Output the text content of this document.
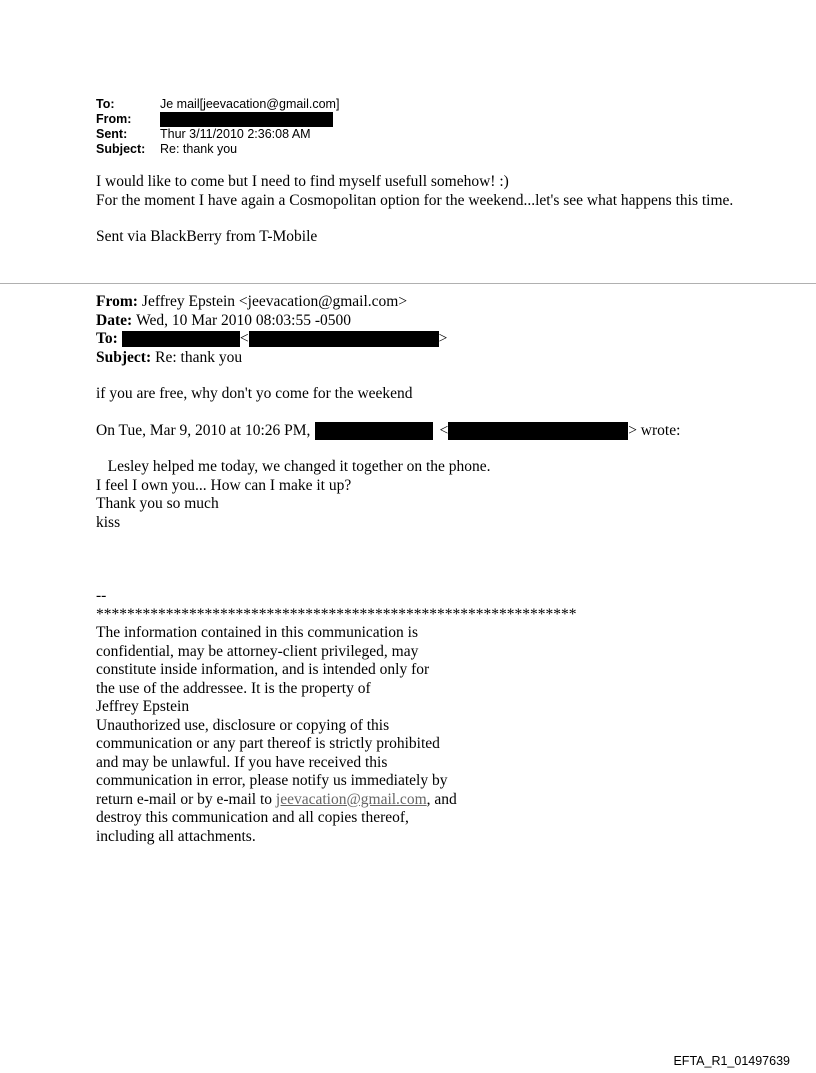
To:	Je mail[jeevacation@gmail.com]
From:
Sent:	Thur 3/11/2010 2:36:08 AM
Subject:	Re: thank you
I would like to come but I need to find myself usefull somehow! :)
For the moment I have again a Cosmopolitan option for the weekend...let's see what happens this time.
Sent via BlackBerry from T-Mobile
From: Jeffrey Epstein <jeevacation@gmail.com>
Date: Wed, 10 Mar 2010 08:03:55 -0500
To:	<	>
Subject: Re: thank you
if you are free, why don't yo come for the weekend
On Tue, Mar 9, 2010 at 10:26 PM,	<	> wrote:
Lesley helped me today, we changed it together on the phone.
I feel I own you... How can I make it up?
Thank you so much
kiss
--
**************************************************************
The information contained in this communication is
confidential, may be attorney-client privileged, may
constitute inside information, and is intended only for
the use of the addressee. It is the property of
Jeffrey Epstein
Unauthorized use, disclosure or copying of this
communication or any part thereof is strictly prohibited
and may be unlawful. If you have received this
communication in error, please notify us immediately by
return e-mail or by e-mail to jeevacation@gmail.com, and
destroy this communication and all copies thereof,
including all attachments.
EFTA_R1_01497639
